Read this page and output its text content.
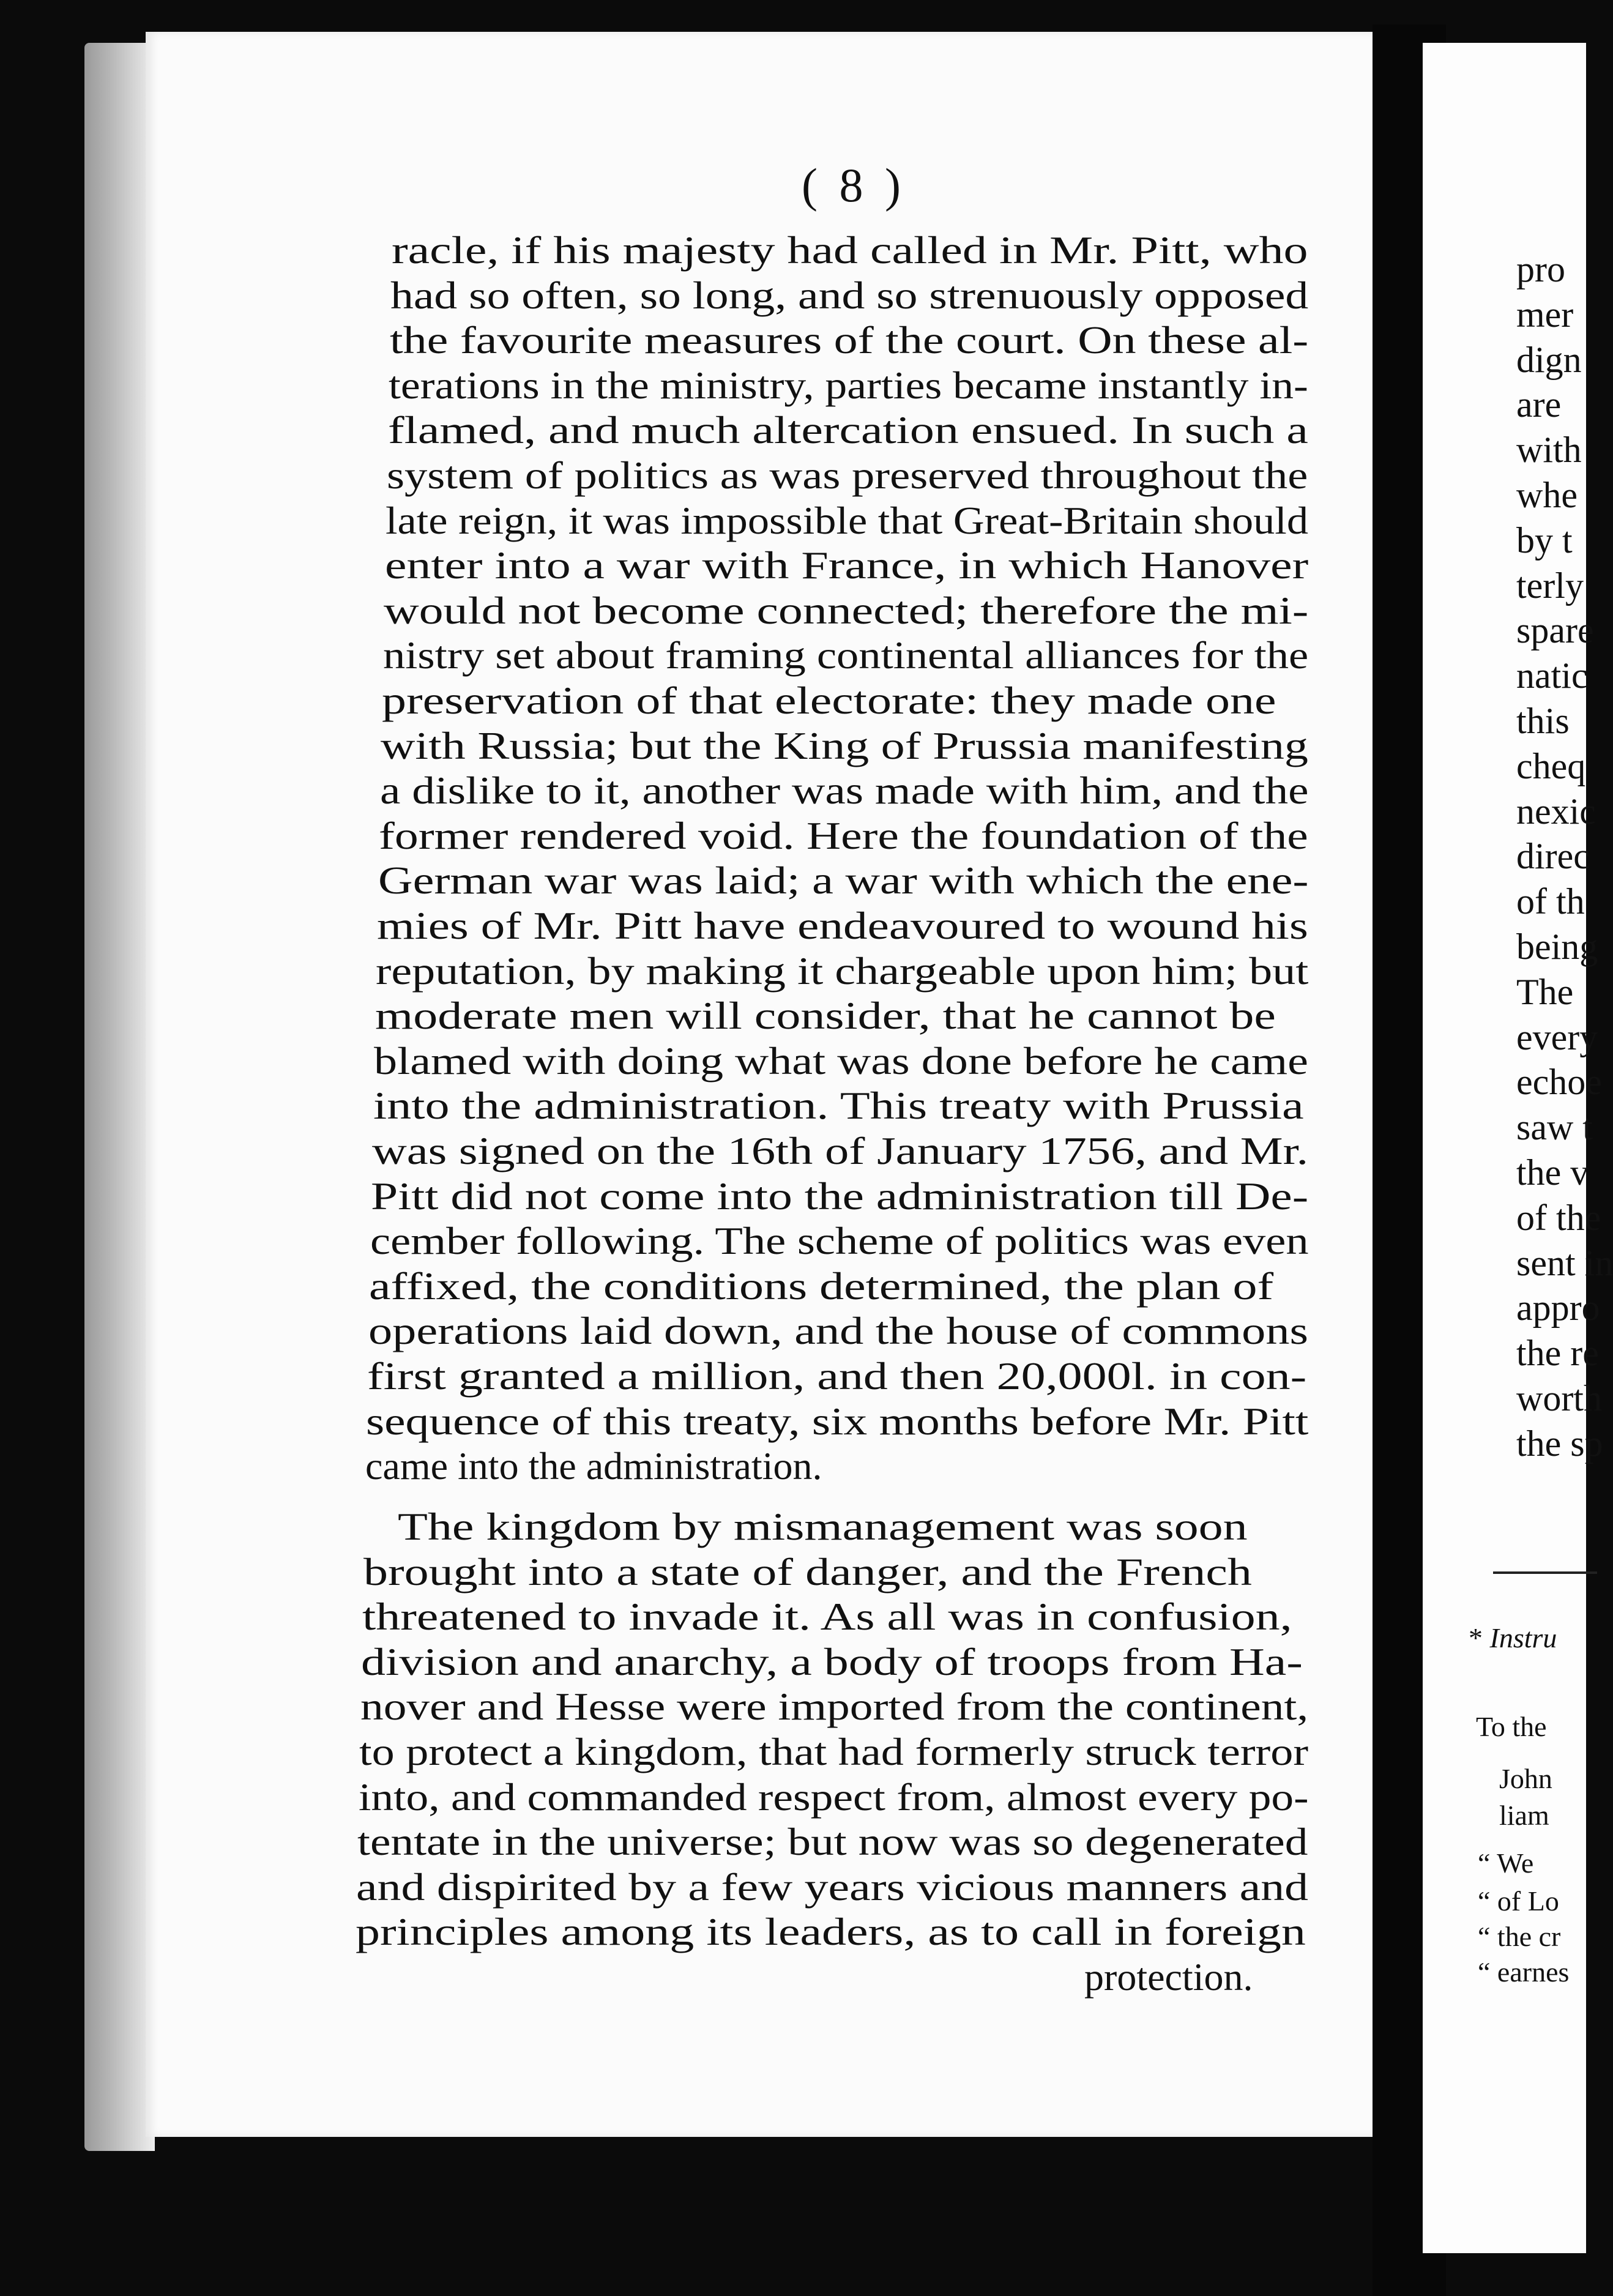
( 8 )
racle, if his majesty had called in Mr. Pitt, who
had so often, so long, and so strenuously opposed
the favourite measures of the court. On these al-
terations in the ministry, parties became instantly in-
flamed, and much altercation ensued. In such a
system of politics as was preserved throughout the
late reign, it was impossible that Great-Britain should
enter into a war with France, in which Hanover
would not become connected; therefore the mi-
nistry set about framing continental alliances for the
preservation of that electorate: they made one
with Russia; but the King of Prussia manifesting
a dislike to it, another was made with him, and the
former rendered void. Here the foundation of the
German war was laid; a war with which the ene-
mies of Mr. Pitt have endeavoured to wound his
reputation, by making it chargeable upon him; but
moderate men will consider, that he cannot be
blamed with doing what was done before he came
into the administration. This treaty with Prussia
was signed on the 16th of January 1756, and Mr.
Pitt did not come into the administration till De-
cember following. The scheme of politics was even
affixed, the conditions determined, the plan of
operations laid down, and the house of commons
first granted a million, and then 20,000l. in con-
sequence of this treaty, six months before Mr. Pitt
came into the administration.
The kingdom by mismanagement was soon
brought into a state of danger, and the French
threatened to invade it. As all was in confusion,
division and anarchy, a body of troops from Ha-
nover and Hesse were imported from the continent,
to protect a kingdom, that had formerly struck terror
into, and commanded respect from, almost every po-
tentate in the universe; but now was so degenerated
and dispirited by a few years vicious manners and
principles among its leaders, as to call in foreign
protection.
pro
mer
dign
are
with
whe
by t
terly
spare
natic
this
cheq
nexic
direc
of th
being
The
every
echoe
saw t
the v
of the
sent in
appro
the re
worth
the sp
* Instru
To the
John
liam
“ We
“ of Lo
“ the cr
“ earnes
